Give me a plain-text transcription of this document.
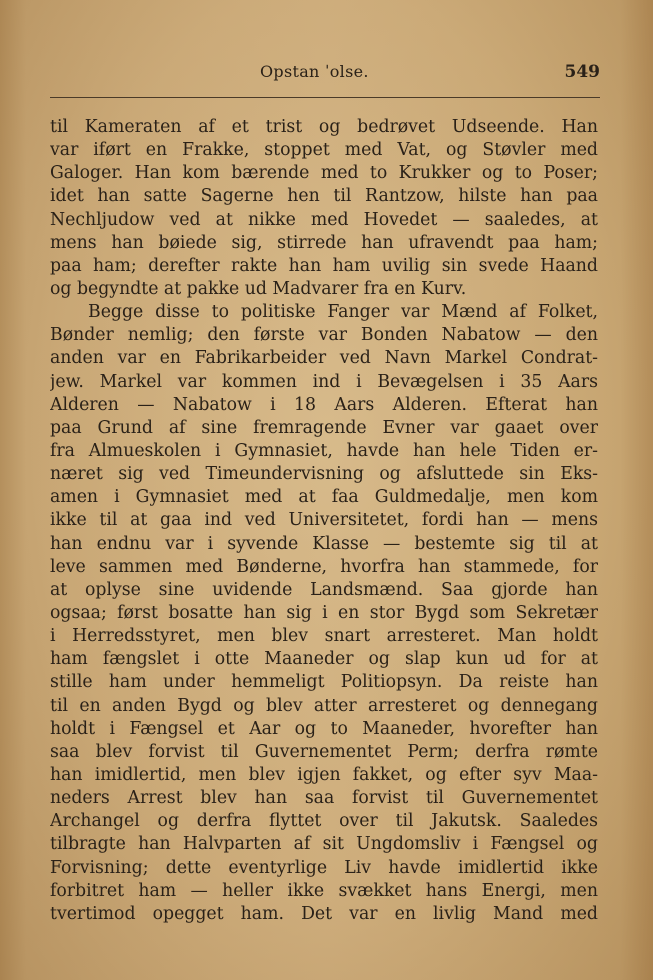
Opstan ˈolse.	549
til Kameraten af et trist og bedrøvet Udseende. Han
var iført en Frakke, stoppet med Vat, og Støvler med
Galoger. Han kom bærende med to Krukker og to Poser;
idet han satte Sagerne hen til Rantzow, hilste han paa
Nechljudow ved at nikke med Hovedet — saaledes, at
mens han bøiede sig, stirrede han ufravendt paa ham;
paa ham; derefter rakte han ham uvilig sin svede Haand
og begyndte at pakke ud Madvarer fra en Kurv.
Begge disse to politiske Fanger var Mænd af Folket,
Bønder nemlig; den første var Bonden Nabatow — den
anden var en Fabrikarbeider ved Navn Markel Condrat-
jew. Markel var kommen ind i Bevægelsen i 35 Aars
Alderen — Nabatow i 18 Aars Alderen. Efterat han
paa Grund af sine fremragende Evner var gaaet over
fra Almueskolen i Gymnasiet, havde han hele Tiden er-
næret sig ved Timeundervisning og afsluttede sin Eks-
amen i Gymnasiet med at faa Guldmedalje, men kom
ikke til at gaa ind ved Universitetet, fordi han — mens
han endnu var i syvende Klasse — bestemte sig til at
leve sammen med Bønderne, hvorfra han stammede, for
at oplyse sine uvidende Landsmænd. Saa gjorde han
ogsaa; først bosatte han sig i en stor Bygd som Sekretær
i Herredsstyret, men blev snart arresteret. Man holdt
ham fængslet i otte Maaneder og slap kun ud for at
stille ham under hemmeligt Politiopsyn. Da reiste han
til en anden Bygd og blev atter arresteret og dennegang
holdt i Fængsel et Aar og to Maaneder, hvorefter han
saa blev forvist til Guvernementet Perm; derfra rømte
han imidlertid, men blev igjen fakket, og efter syv Maa-
neders Arrest blev han saa forvist til Guvernementet
Archangel og derfra flyttet over til Jakutsk. Saaledes
tilbragte han Halvparten af sit Ungdomsliv i Fængsel og
Forvisning; dette eventyrlige Liv havde imidlertid ikke
forbitret ham — heller ikke svækket hans Energi, men
tvertimod opegget ham. Det var en livlig Mand med
